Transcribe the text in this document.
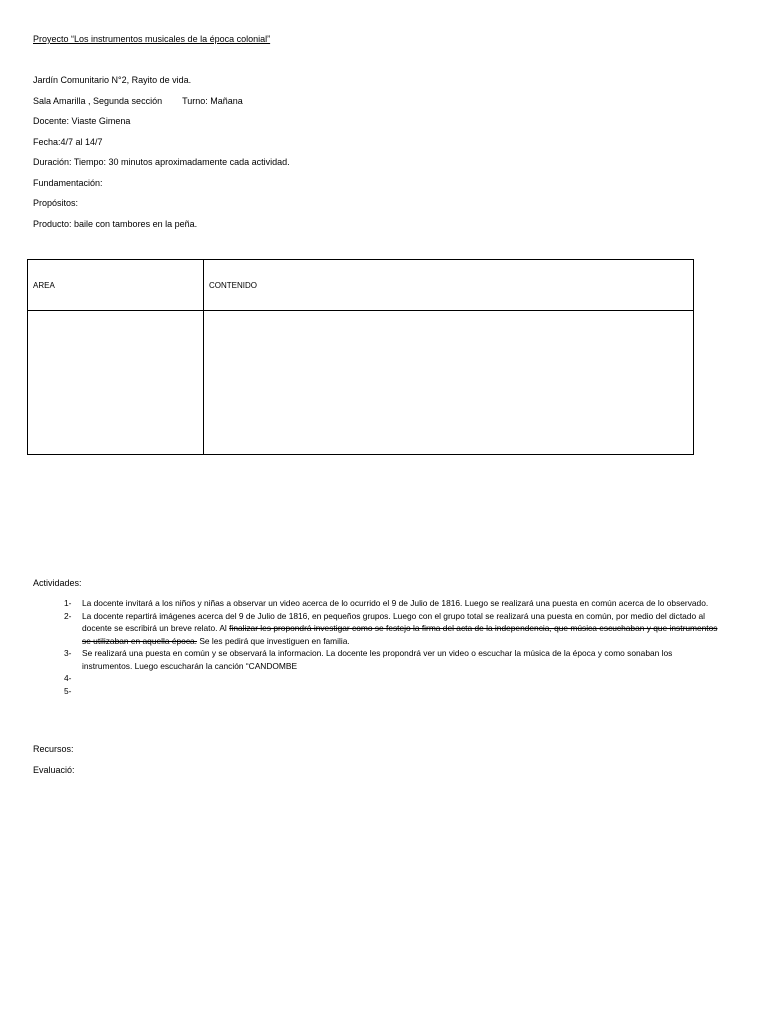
Proyecto “Los instrumentos musicales de la época colonial”
Jardín Comunitario N°2, Rayito de vida.
Sala Amarilla , Segunda sección Turno: Mañana
Docente: Viaste Gimena
Fecha:4/7 al 14/7
Duración: Tiempo: 30 minutos aproximadamente cada actividad.
Fundamentación:
Propósitos:
Producto: baile con tambores en la peña.
AREA	CONTENIDO

Actividades:
1- La docente invitará a los niños y niñas a observar un video acerca de lo ocurrido el 9 de Julio de 1816. Luego se realizará una puesta en común acerca de lo observado.
2- La docente repartirá imágenes acerca del 9 de Julio de 1816, en pequeños grupos. Luego con el grupo total se realizará una puesta en común, por medio del dictado al docente se escribirá un breve relato. Al finalizar les propondrá investigar como se festejo la firma del acta de la independencia, que música escuchaban y que instrumentos se utilizaban en aquella época. Se les pedirá que investiguen en familia.
3- Se realizará una puesta en común y se observará la informacion. La docente les propondrá ver un video o escuchar la música de la época y como sonaban los instrumentos. Luego escucharán la canción “CANDOMBE
4-

5-

Recursos:
Evaluació:
